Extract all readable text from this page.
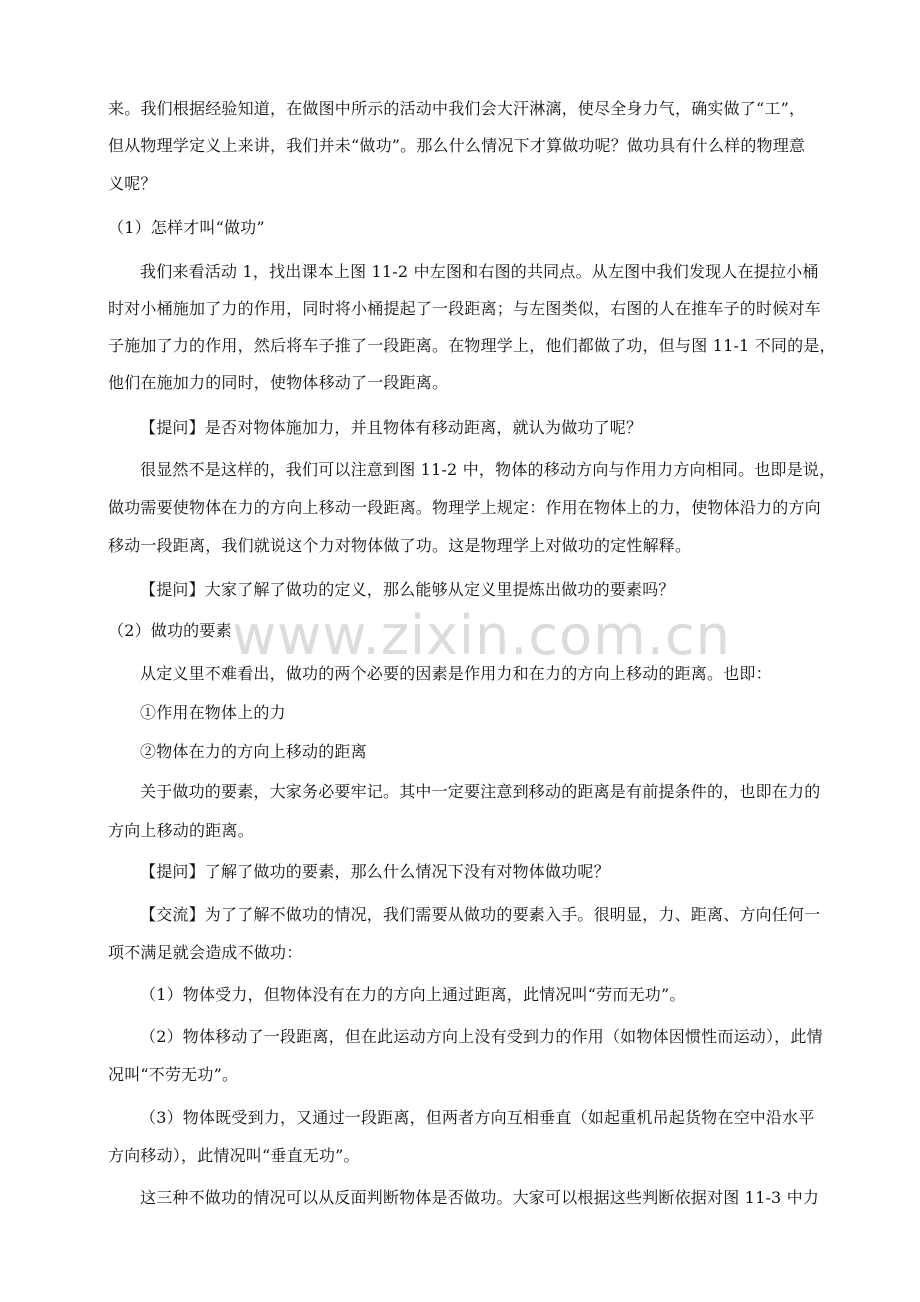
www.zixin.com.cn
来。我们根据经验知道，在做图中所示的活动中我们会大汗淋漓，使尽全身力气，确实做了“工”，
但从物理学定义上来讲，我们并未“做功”。那么什么情况下才算做功呢？做功具有什么样的物理意
义呢？
（1）怎样才叫“做功”
我们来看活动 1，找出课本上图 11-2 中左图和右图的共同点。从左图中我们发现人在提拉小桶
时对小桶施加了力的作用，同时将小桶提起了一段距离；与左图类似，右图的人在推车子的时候对车
子施加了力的作用，然后将车子推了一段距离。在物理学上，他们都做了功，但与图 11-1 不同的是，
他们在施加力的同时，使物体移动了一段距离。
【提问】是否对物体施加力，并且物体有移动距离，就认为做功了呢？
很显然不是这样的，我们可以注意到图 11-2 中，物体的移动方向与作用力方向相同。也即是说，
做功需要使物体在力的方向上移动一段距离。物理学上规定：作用在物体上的力，使物体沿力的方向
移动一段距离，我们就说这个力对物体做了功。这是物理学上对做功的定性解释。
【提问】大家了解了做功的定义，那么能够从定义里提炼出做功的要素吗？
（2）做功的要素
从定义里不难看出，做功的两个必要的因素是作用力和在力的方向上移动的距离。也即：
①作用在物体上的力
②物体在力的方向上移动的距离
关于做功的要素，大家务必要牢记。其中一定要注意到移动的距离是有前提条件的，也即在力的
方向上移动的距离。
【提问】了解了做功的要素，那么什么情况下没有对物体做功呢？
【交流】为了了解不做功的情况，我们需要从做功的要素入手。很明显，力、距离、方向任何一
项不满足就会造成不做功：
（1）物体受力，但物体没有在力的方向上通过距离，此情况叫“劳而无功”。
（2）物体移动了一段距离，但在此运动方向上没有受到力的作用（如物体因惯性而运动），此情
况叫“不劳无功”。
（3）物体既受到力，又通过一段距离，但两者方向互相垂直（如起重机吊起货物在空中沿水平
方向移动），此情况叫“垂直无功”。
这三种不做功的情况可以从反面判断物体是否做功。大家可以根据这些判断依据对图 11-3 中力
